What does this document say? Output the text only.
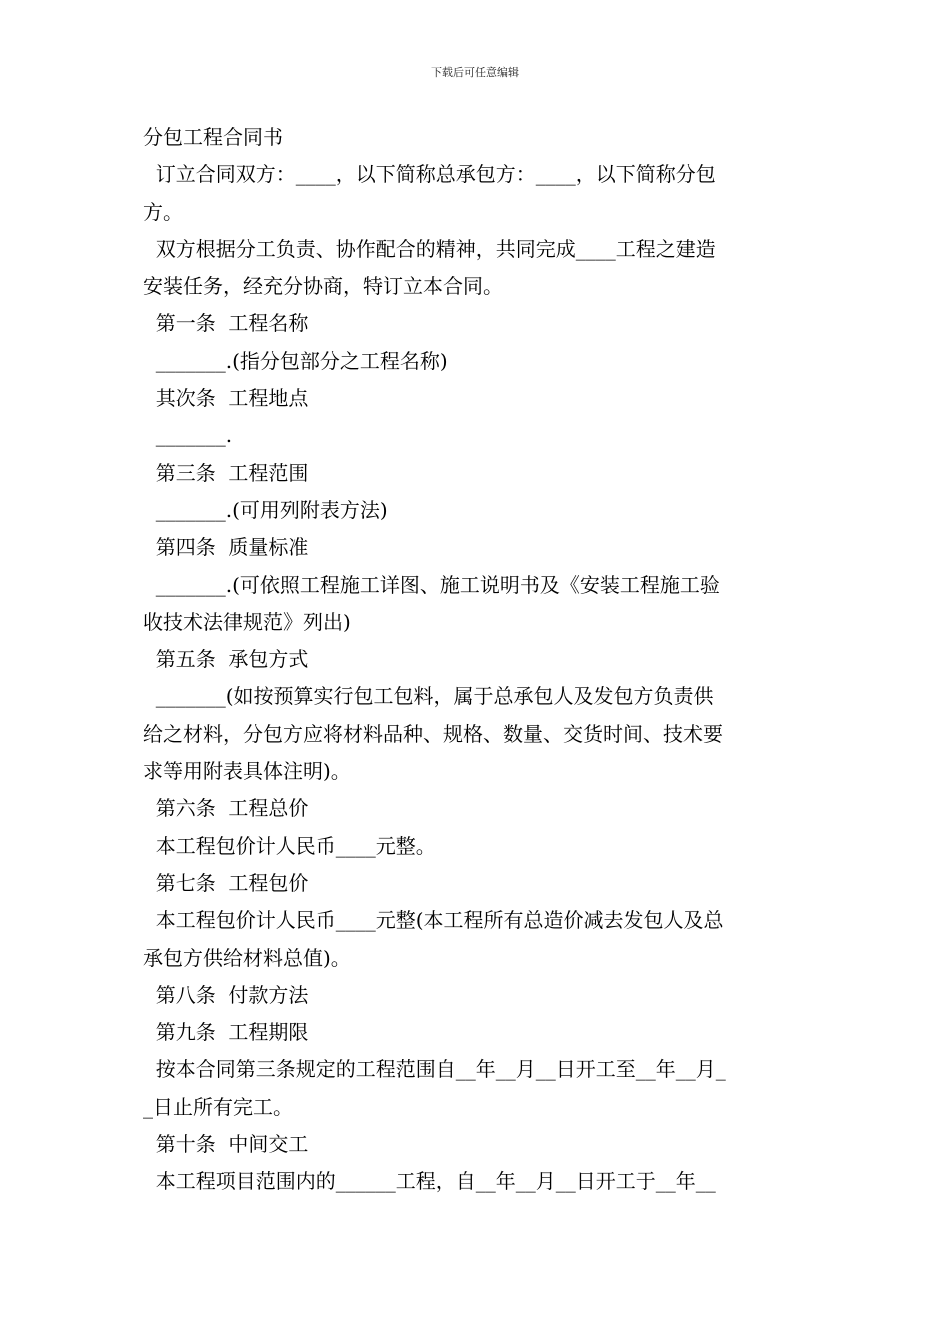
下载后可任意编辑
分包工程合同书
订立合同双方：____，以下简称总承包方：____，以下简称分包
方。
双方根据分工负责、协作配合的精神，共同完成____工程之建造
安装任务，经充分协商，特订立本合同。
第一条  工程名称
_______.(指分包部分之工程名称)
其次条  工程地点
_______.
第三条  工程范围
_______.(可用列附表方法)
第四条  质量标准
_______.(可依照工程施工详图、施工说明书及《安装工程施工验
收技术法律规范》列出)
第五条  承包方式
_______(如按预算实行包工包料，属于总承包人及发包方负责供
给之材料，分包方应将材料品种、规格、数量、交货时间、技术要
求等用附表具体注明)。
第六条  工程总价
本工程包价计人民币____元整。
第七条  工程包价
本工程包价计人民币____元整(本工程所有总造价减去发包人及总
承包方供给材料总值)。
第八条  付款方法
第九条  工程期限
按本合同第三条规定的工程范围自__年__月__日开工至__年__月_
_日止所有完工。
第十条  中间交工
本工程项目范围内的______工程，自__年__月__日开工于__年__
